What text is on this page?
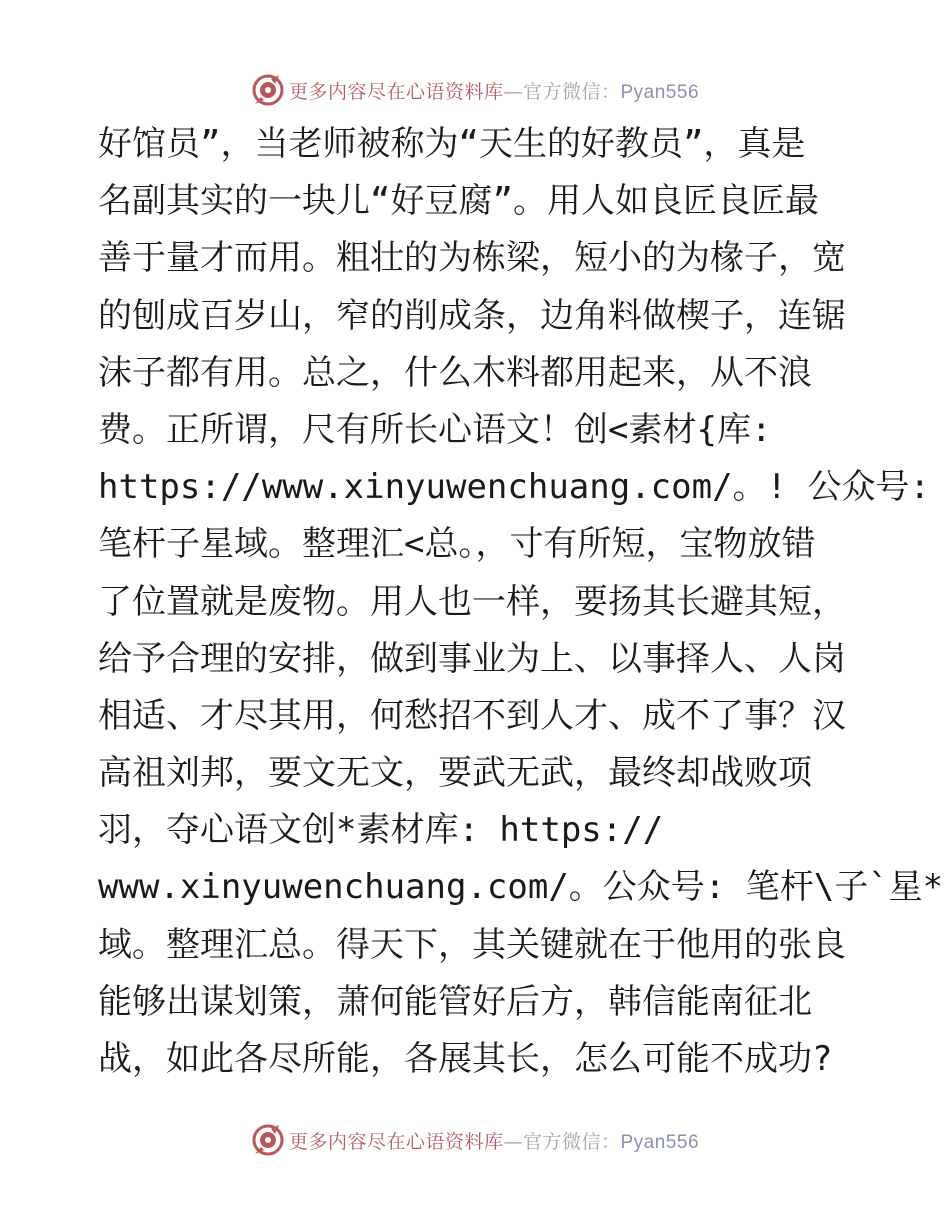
更多内容尽在心语资料库—官方微信：Pyan556
好馆员”，当老师被称为“天生的好教员”，真是
名副其实的一块儿“好豆腐”。用人如良匠良匠最
善于量才而用。粗壮的为栋梁，短小的为椽子，宽
的刨成百岁山，窄的削成条，边角料做楔子，连锯
沫子都有用。总之，什么木料都用起来，从不浪
费。正所谓，尺有所长心语文！创<素材{库:
https://www.xinyuwenchuang.com/。! 公众号:
笔杆子星域。整理汇<总。，寸有所短，宝物放错
了位置就是废物。用人也一样，要扬其长避其短，
给予合理的安排，做到事业为上、以事择人、人岗
相适、才尽其用，何愁招不到人才、成不了事？汉
高祖刘邦，要文无文，要武无武，最终却战败项
羽，夺心语文创*素材库: https://
www.xinyuwenchuang.com/。公众号: 笔杆\子`星*
域。整理汇总。得天下，其关键就在于他用的张良
能够出谋划策，萧何能管好后方，韩信能南征北
战，如此各尽所能，各展其长，怎么可能不成功?
更多内容尽在心语资料库—官方微信：Pyan556
